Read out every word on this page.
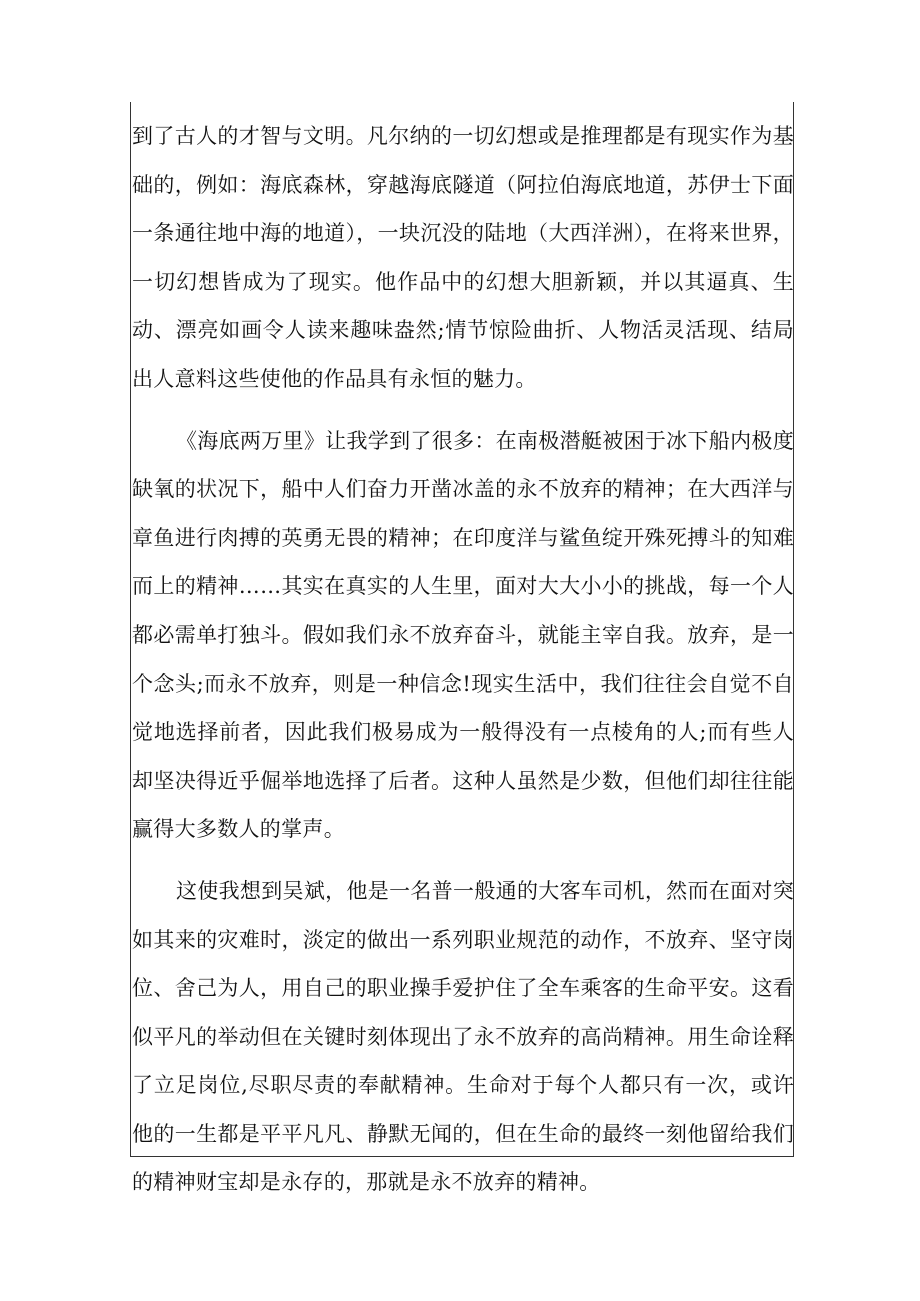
到了古人的才智与文明。凡尔纳的一切幻想或是推理都是有现实作为基础的，例如：海底森林，穿越海底隧道（阿拉伯海底地道，苏伊士下面一条通往地中海的地道），一块沉没的陆地（大西洋洲），在将来世界，一切幻想皆成为了现实。他作品中的幻想大胆新颖，并以其逼真、生动、漂亮如画令人读来趣味盎然;情节惊险曲折、人物活灵活现、结局出人意料这些使他的作品具有永恒的魅力。

《海底两万里》让我学到了很多：在南极潜艇被困于冰下船内极度缺氧的状况下，船中人们奋力开凿冰盖的永不放弃的精神；在大西洋与章鱼进行肉搏的英勇无畏的精神；在印度洋与鲨鱼绽开殊死搏斗的知难而上的精神……其实在真实的人生里，面对大大小小的挑战，每一个人都必需单打独斗。假如我们永不放弃奋斗，就能主宰自我。放弃，是一个念头;而永不放弃，则是一种信念!现实生活中，我们往往会自觉不自觉地选择前者，因此我们极易成为一般得没有一点棱角的人;而有些人却坚决得近乎倔举地选择了后者。这种人虽然是少数，但他们却往往能赢得大多数人的掌声。

这使我想到吴斌，他是一名普一般通的大客车司机，然而在面对突如其来的灾难时，淡定的做出一系列职业规范的动作，不放弃、坚守岗位、舍己为人，用自己的职业操手爱护住了全车乘客的生命平安。这看似平凡的举动但在关键时刻体现出了永不放弃的高尚精神。用生命诠释了立足岗位,尽职尽责的奉献精神。生命对于每个人都只有一次，或许他的一生都是平平凡凡、静默无闻的，但在生命的最终一刻他留给我们的精神财宝却是永存的，那就是永不放弃的精神。
